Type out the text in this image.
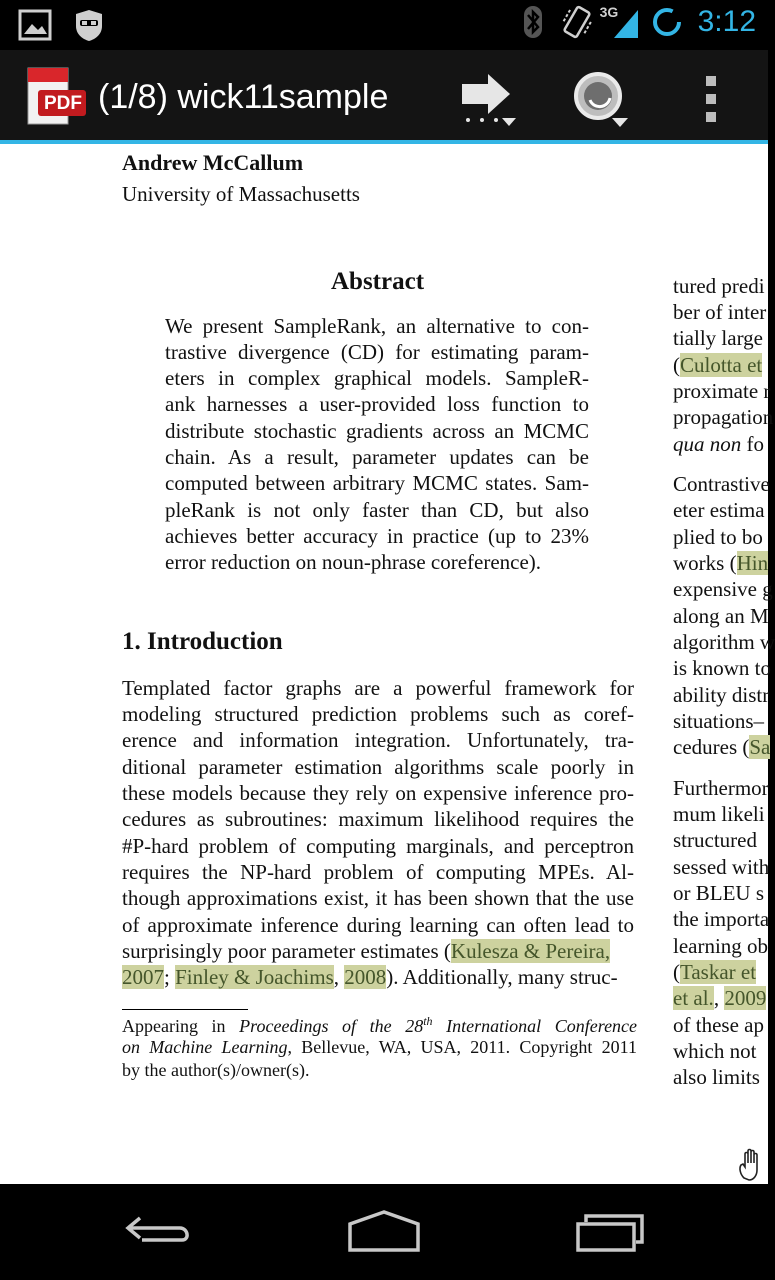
3G	3:12
PDF (1/8) wick11sample
Andrew McCallum
University of Massachusetts
Abstract
We present SampleRank, an alternative to con-
trastive divergence (CD) for estimating param-
eters in complex graphical models. SampleR-
ank harnesses a user-provided loss function to
distribute stochastic gradients across an MCMC
chain. As a result, parameter updates can be
computed between arbitrary MCMC states. Sam-
pleRank is not only faster than CD, but also
achieves better accuracy in practice (up to 23%
error reduction on noun-phrase coreference).
1. Introduction
Templated factor graphs are a powerful framework for
modeling structured prediction problems such as coref-
erence and information integration. Unfortunately, tra-
ditional parameter estimation algorithms scale poorly in
these models because they rely on expensive inference pro-
cedures as subroutines: maximum likelihood requires the
#P-hard problem of computing marginals, and perceptron
requires the NP-hard problem of computing MPEs. Al-
though approximations exist, it has been shown that the use
of approximate inference during learning can often lead to
surprisingly poor parameter estimates (Kulesza & Pereira,
2007; Finley & Joachims, 2008). Additionally, many struc-
Appearing in Proceedings of the 28th International Conference
on Machine Learning, Bellevue, WA, USA, 2011. Copyright 2011
by the author(s)/owner(s).
tured predi
ber of inter
tially large
(Culotta et
proximate r
propagation
qua non fo
Contrastive
eter estima
plied to bo
works (Hin
expensive g
along an M
algorithm w
is known to
ability distr
situations–
cedures (Sa
Furthermor
mum likeli
structured
sessed with
or BLEU s
the importa
learning ob
(Taskar et
et al., 2009
of these ap
which not
also limits
